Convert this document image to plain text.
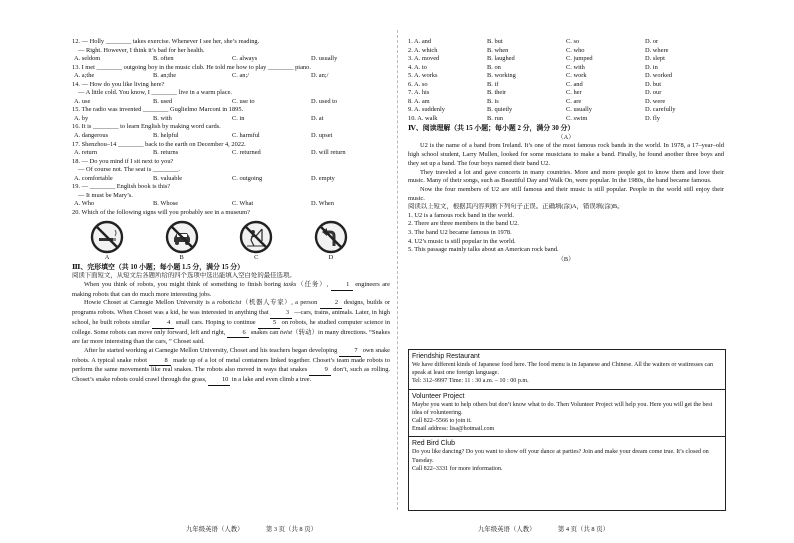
12. — Holly ________ takes exercise. Whenever I see her, she’s reading.
— Right. However, I think it’s bad for her health.
A. seldom	B. often	C. always	D. usually
13. I met ________ outgoing boy in the music club. He told me how to play ________ piano.
A. a;the	B. an;the	C. an;/	D. an;/
14. — How do you like living here?
— A little cold. You know, I ________ live in a warm place.
A. use	B. used	C. use to	D. used to
15. The radio was invented ________ Guglielmo Marconi in 1895.
A. by	B. with	C. in	D. at
16. It is ________ to learn English by making word cards.
A. dangerous	B. helpful	C. harmful	D. upset
17. Shenzhou–14 ________ back to the earth on December 4, 2022.
A. return	B. returns	C. returned	D. will return
18. — Do you mind if I sit next to you?
— Of course not. The seat is ________.
A. comfortable	B. valuable	C. outgoing	D. empty
19. — ________ English book is this?
— It must be Mary’s.
A. Who	B. Whose	C. What	D. When
20. Which of the following signs will you probably see in a museum?
A	B	C	D
Ⅲ、完形填空（共 10 小题；每小题 1.5 分，满分 15 分）
阅读下面短文，从短文后各题所给的四个选项中选出能填入空白处的最佳选项。
When you think of robots, you might think of something to finish boring tasks（任务）, 1 engineers are making robots that can do much more interesting jobs.
Howie Choset at Carnegie Mellon University is a roboticist（机器人专家）, a person 2 designs, builds or programs robots. When Choset was a kid, he was interested in anything that 3 —cars, trains, animals. Later, in high school, he built robots similar 4 small cars. Hoping to continue 5 on robots, he studied computer science in college. Some robots can move only forward, left and right, 6 snakes can twist（转动）in many directions. “Snakes are far more interesting than the cars, ” Choset said.
After he started working at Carnegie Mellon University, Choset and his teachers began developing 7 own snake robots. A typical snake robot 8 made up of a lot of metal containers linked together. Choset’s team made robots to perform the same movements like real snakes. The robots also moved in ways that snakes 9 don’t, such as rolling. Choset’s snake robots could crawl through the grass, 10 in a lake and even climb a tree.
九年级英语（人教）　　　　第 3 页（共 8 页）
1. A. and	B. but	C. so	D. or
2. A. which	B. when	C. who	D. where
3. A. moved	B. laughed	C. jumped	D. slept
4. A. to	B. on	C. with	D. in
5. A. works	B. working	C. work	D. worked
6. A. so	B. if	C. and	D. but
7. A. his	B. their	C. her	D. our
8. A. am	B. is	C. are	D. were
9. A. suddenly	B. quietly	C. usually	D. carefully
10. A. walk	B. run	C. swim	D. fly
Ⅳ、阅读理解（共 15 小题；每小题 2 分，满分 30 分）
（A）
U2 is the name of a band from Ireland. It’s one of the most famous rock bands in the world. In 1978, a 17–year–old high school student, Larry Mullen, looked for some musicians to make a band. Finally, he found another three boys and they set up a band. The four boys named their band U2.
They traveled a lot and gave concerts in many countries. More and more people got to know them and love their music. Many of their songs, such as Beautiful Day and Walk On, were popular. In the 1980s, the band became famous.
Now the four members of U2 are still famous and their music is still popular. People in the world still enjoy their music.
阅读以上短文，根据其内容判断下列句子正误。正确填(涂)A，错误填(涂)B。
1. U2 is a famous rock band in the world.
2. There are three members in the band U2.
3. The band U2 became famous in 1978.
4. U2’s music is still popular in the world.
5. This passage mainly talks about an American rock band.
（B）
Friendship Restaurant
We have different kinds of Japanese food here. The food menu is in Japanese and Chinese. All the waiters or waitresses can speak at least one foreign language.
Tel: 312–9997 Time: 11 : 30 a.m. – 10 : 00 p.m.
Volunteer Project
Maybe you want to help others but don’t know what to do. Then Volunteer Project will help you. Here you will get the best idea of volunteering.
Call 822–5566 to join it.
Email address: lisa@hotmail.com
Red Bird Club
Do you like dancing? Do you want to show off your dance at parties? Join and make your dream come true. It’s closed on Tuesday.
Call 822–3331 for more information.
九年级英语（人教）　　　　第 4 页（共 8 页）
